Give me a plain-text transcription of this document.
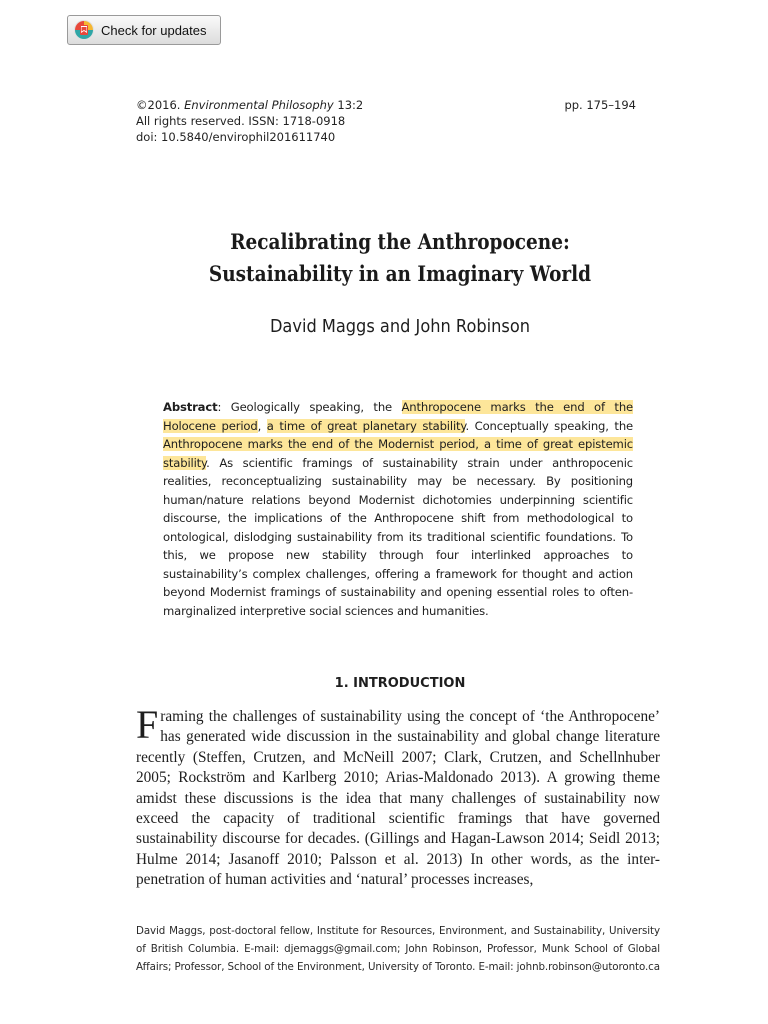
Check for updates
©2016. Environmental Philosophy 13:2
All rights reserved. ISSN: 1718-0918
doi: 10.5840/envirophil201611740
pp. 175–194
Recalibrating the Anthropocene:
Sustainability in an Imaginary World
David Maggs and John Robinson
Abstract: Geologically speaking, the Anthropocene marks the end of the Holocene period, a time of great planetary stability. Conceptually speaking, the Anthropocene marks the end of the Modernist period, a time of great epistemic stability. As scientific framings of sustainability strain under anthropocenic realities, reconceptualizing sustainability may be necessary. By positioning human/nature relations beyond Modernist dichotomies underpinning scientific discourse, the implications of the Anthropocene shift from methodological to ontological, dislodging sustainability from its traditional scientific foundations. To this, we propose new stability through four interlinked approaches to sustainability’s complex challenges, offering a framework for thought and action beyond Modernist framings of sustainability and opening essential roles to often-marginalized interpretive social sciences and humanities.
1. INTRODUCTION
Framing the challenges of sustainability using the concept of ‘the Anthropocene’ has generated wide discussion in the sustainability and global change literature recently (Steffen, Crutzen, and McNeill 2007; Clark, Crutzen, and Schellnhuber 2005; Rockström and Karlberg 2010; Arias-Maldonado 2013). A growing theme amidst these discussions is the idea that many challenges of sustainability now exceed the capacity of traditional scientific framings that have governed sustainability discourse for decades. (Gillings and Hagan-Lawson 2014; Seidl 2013; Hulme 2014; Jasanoff 2010; Palsson et al. 2013) In other words, as the inter-penetration of human activities and ‘natural’ processes increases,
David Maggs, post-doctoral fellow, Institute for Resources, Environment, and Sustainability, University of British Columbia. E-mail: djemaggs@gmail.com; John Robinson, Professor, Munk School of Global Affairs; Professor, School of the Environment, University of Toronto. E-mail: johnb.robinson@utoronto.ca
